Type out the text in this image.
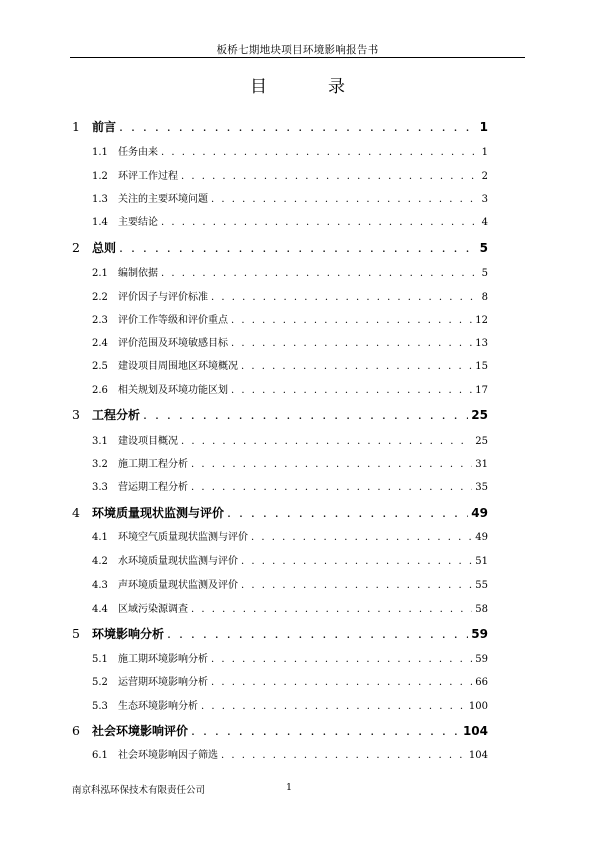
板桥七期地块项目环境影响报告书
目　录
1	前言 . . .	1
1.1	任务由来 . . .	1
1.2	环评工作过程 . . .	2
1.3	关注的主要环境问题 . . .	3
1.4	主要结论 . . .	4
2	总则 . . .	5
2.1	编制依据 . . .	5
2.2	评价因子与评价标准 . . .	8
2.3	评价工作等级和评价重点 . . .	12
2.4	评价范围及环境敏感目标 . . .	13
2.5	建设项目周围地区环境概况 . . .	15
2.6	相关规划及环境功能区划 . . .	17
3	工程分析 . . .	25
3.1	建设项目概况 . . .	25
3.2	施工期工程分析 . . .	31
3.3	营运期工程分析 . . .	35
4	环境质量现状监测与评价 . . .	49
4.1	环境空气质量现状监测与评价 . . .	49
4.2	水环境质量现状监测与评价 . . .	51
4.3	声环境质量现状监测及评价 . . .	55
4.4	区域污染源调查 . . .	58
5	环境影响分析 . . .	59
5.1	施工期环境影响分析 . . .	59
5.2	运营期环境影响分析 . . .	66
5.3	生态环境影响分析 . . .	100
6	社会环境影响评价 . . .	104
6.1	社会环境影响因子筛选 . . .	104
南京科泓环保技术有限责任公司	1
